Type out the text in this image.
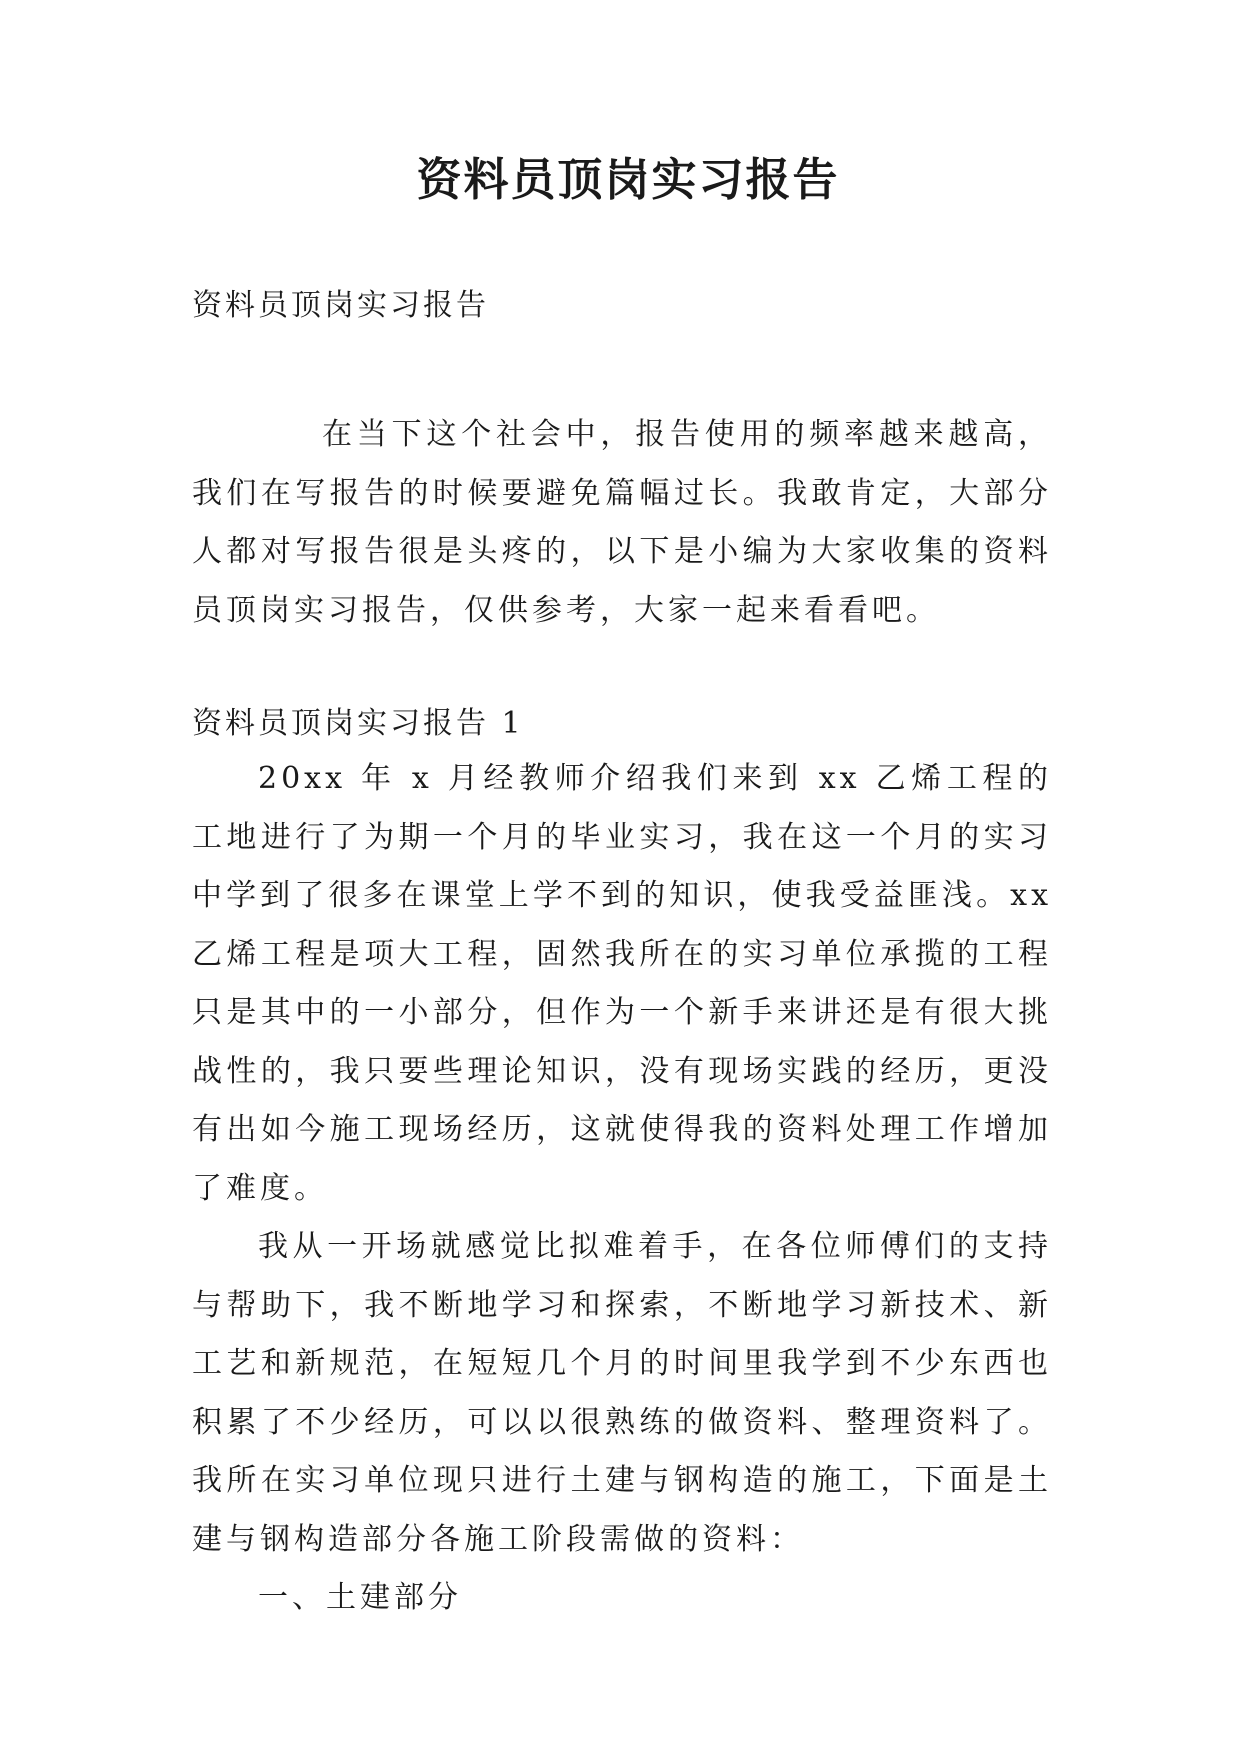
资料员顶岗实习报告

资料员顶岗实习报告

在当下这个社会中，报告使用的频率越来越高，我们在写报告的时候要避免篇幅过长。我敢肯定，大部分人都对写报告很是头疼的，以下是小编为大家收集的资料员顶岗实习报告，仅供参考，大家一起来看看吧。

资料员顶岗实习报告 1

20xx 年 x 月经教师介绍我们来到 xx 乙烯工程的工地进行了为期一个月的毕业实习，我在这一个月的实习中学到了很多在课堂上学不到的知识，使我受益匪浅。xx 乙烯工程是项大工程，固然我所在的实习单位承揽的工程只是其中的一小部分，但作为一个新手来讲还是有很大挑战性的，我只要些理论知识，没有现场实践的经历，更没有出如今施工现场经历，这就使得我的资料处理工作增加了难度。

我从一开场就感觉比拟难着手，在各位师傅们的支持与帮助下，我不断地学习和探索，不断地学习新技术、新工艺和新规范，在短短几个月的时间里我学到不少东西也积累了不少经历，可以以很熟练的做资料、整理资料了。我所在实习单位现只进行土建与钢构造的施工，下面是土建与钢构造部分各施工阶段需做的资料：

一、土建部分
